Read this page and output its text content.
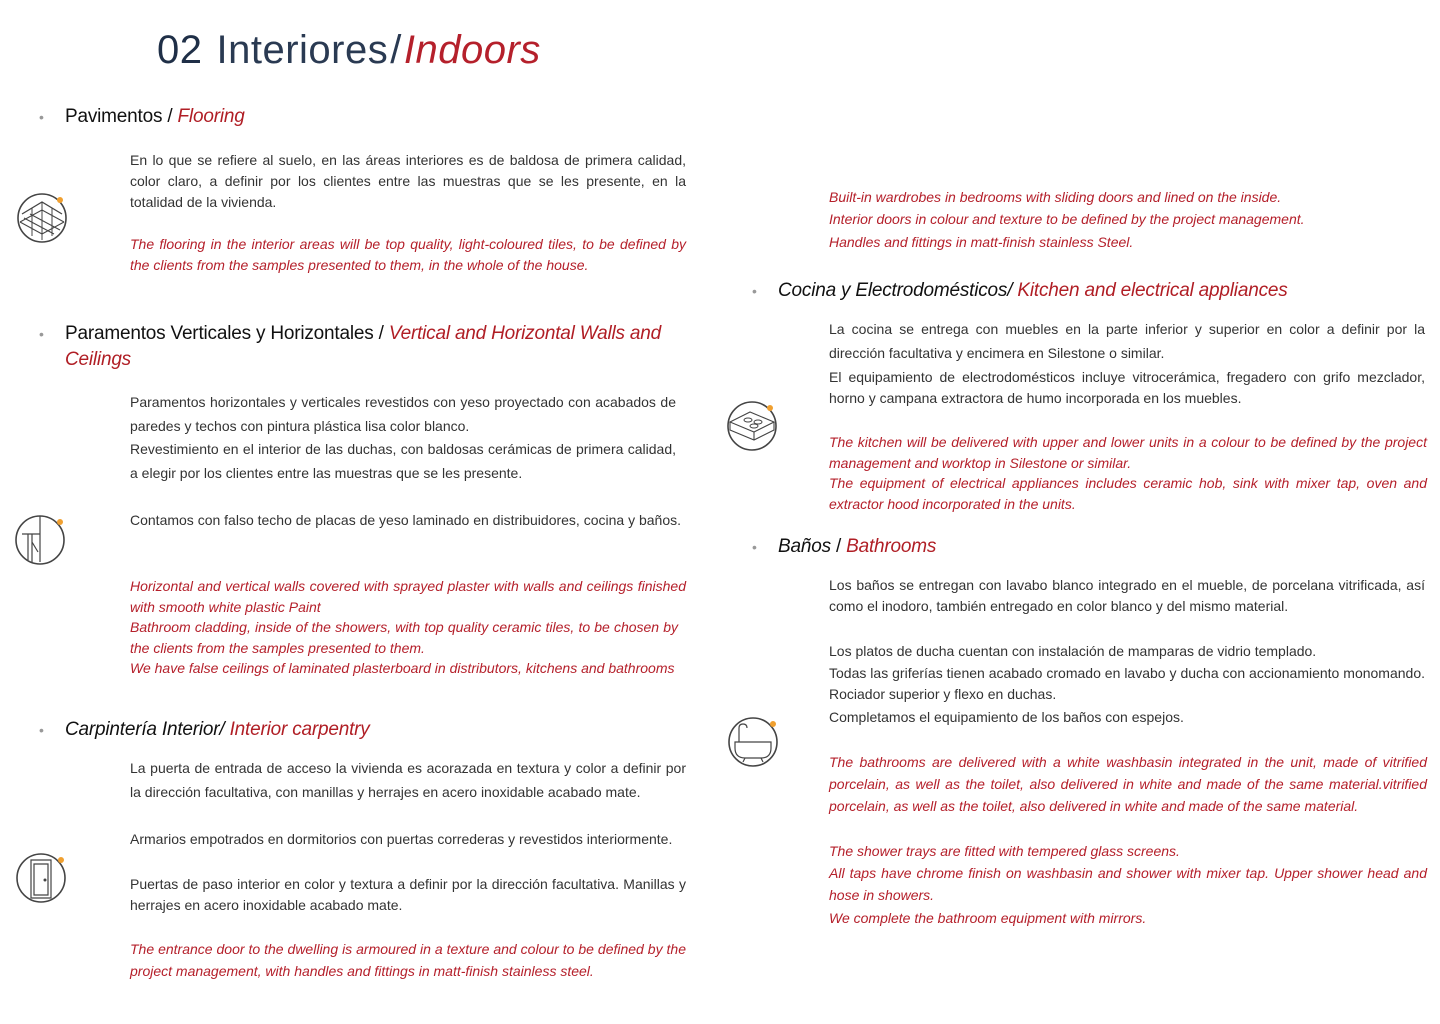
02 Interiores/Indoors
• Pavimentos / Flooring

En lo que se refiere al suelo, en las áreas interiores es de baldosa de primera calidad, color claro, a definir por los clientes entre las muestras que se les presente, en la totalidad de la vivienda.

The flooring in the interior areas will be top quality, light-coloured tiles, to be defined by the clients from the samples presented to them, in the whole of the house.

• Paramentos Verticales y Horizontales / Vertical and Horizontal Walls and Ceilings

Paramentos horizontales y verticales revestidos con yeso proyectado con acabados de paredes y techos con pintura plástica lisa color blanco.

Revestimiento en el interior de las duchas, con baldosas cerámicas de primera calidad, a elegir por los clientes entre las muestras que se les presente.

Contamos con falso techo de placas de yeso laminado en distribuidores, cocina y baños.

Horizontal and vertical walls covered with sprayed plaster with walls and ceilings finished with smooth white plastic Paint

Bathroom cladding, inside of the showers, with top quality ceramic tiles, to be chosen by the clients from the samples presented to them.

We have false ceilings of laminated plasterboard in distributors, kitchens and bathrooms

• Carpintería Interior/ Interior carpentry

La puerta de entrada de acceso la vivienda es acorazada en textura y color a definir por la dirección facultativa, con manillas y herrajes en acero inoxidable acabado mate.

Armarios empotrados en dormitorios con puertas correderas y revestidos interiormente.

Puertas de paso interior en color y textura a definir por la dirección facultativa. Manillas y herrajes en acero inoxidable acabado mate.

The entrance door to the dwelling is armoured in a texture and colour to be defined by the project management, with handles and fittings in matt-finish stainless steel.

Built-in wardrobes in bedrooms with sliding doors and lined on the inside.

Interior doors in colour and texture to be defined by the project management.

Handles and fittings in matt-finish stainless Steel.

• Cocina y Electrodomésticos/ Kitchen and electrical appliances

La cocina se entrega con muebles en la parte inferior y superior en color a definir por la dirección facultativa y encimera en Silestone o similar.

El equipamiento de electrodomésticos incluye vitrocerámica, fregadero con grifo mezclador, horno y campana extractora de humo incorporada en los muebles.

The kitchen will be delivered with upper and lower units in a colour to be defined by the project management and worktop in Silestone or similar.

The equipment of electrical appliances includes ceramic hob, sink with mixer tap, oven and extractor hood incorporated in the units.

• Baños / Bathrooms

Los baños se entregan con lavabo blanco integrado en el mueble, de porcelana vitrificada, así como el inodoro, también entregado en color blanco y del mismo material.

Los platos de ducha cuentan con instalación de mamparas de vidrio templado.

Todas las griferías tienen acabado cromado en lavabo y ducha con accionamiento monomando. Rociador superior y flexo en duchas.

Completamos el equipamiento de los baños con espejos.

The bathrooms are delivered with a white washbasin integrated in the unit, made of vitrified porcelain, as well as the toilet, also delivered in white and made of the same material.vitrified porcelain, as well as the toilet, also delivered in white and made of the same material.

The shower trays are fitted with tempered glass screens.

All taps have chrome finish on washbasin and shower with mixer tap. Upper shower head and hose in showers.

We complete the bathroom equipment with mirrors.
